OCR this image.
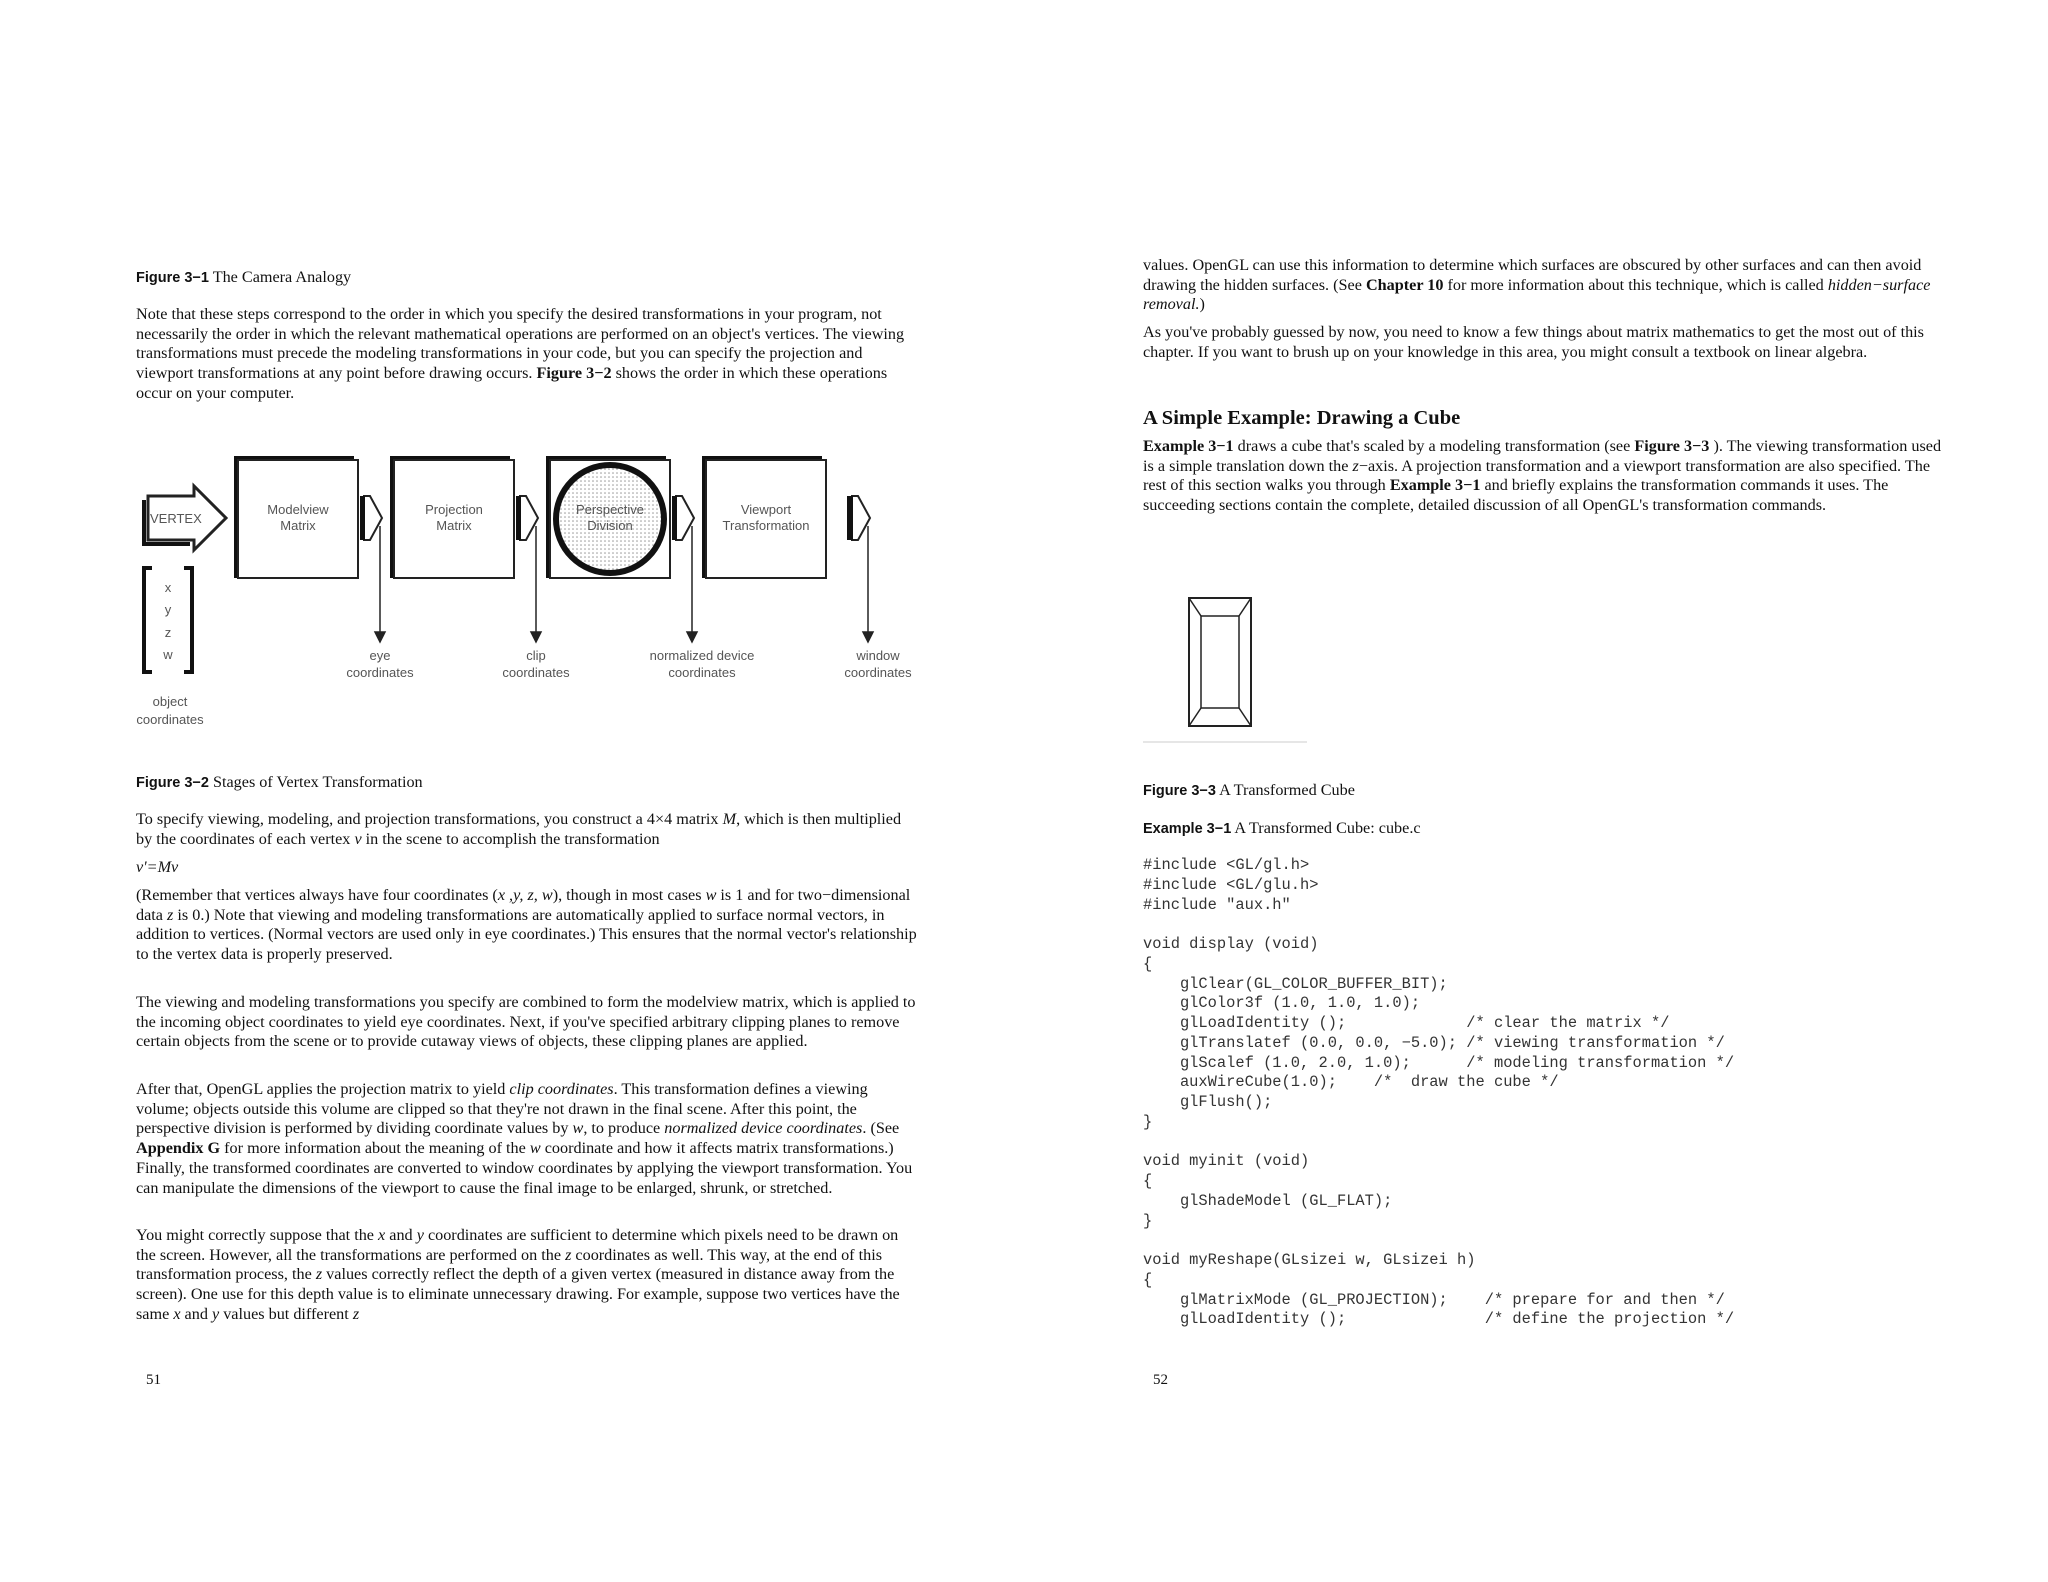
Figure 3−1 The Camera Analogy

Note that these steps correspond to the order in which you specify the desired transformations in your program, not necessarily the order in which the relevant mathematical operations are performed on an object's vertices. The viewing transformations must precede the modeling transformations in your code, but you can specify the projection and viewport transformations at any point before drawing occurs. Figure 3−2 shows the order in which these operations occur on your computer.

VERTEX
x
y
z
w
object
coordinates
Modelview
Matrix
Projection
Matrix
Perspective
Division
Viewport
Transformation
eye
coordinates
clip
coordinates
normalized device
coordinates
window
coordinates
Figure 3−2 Stages of Vertex Transformation

To specify viewing, modeling, and projection transformations, you construct a 4×4 matrix M, which is then multiplied by the coordinates of each vertex v in the scene to accomplish the transformation

v'=Mv

(Remember that vertices always have four coordinates (x ,y, z, w), though in most cases w is 1 and for two−dimensional data z is 0.) Note that viewing and modeling transformations are automatically applied to surface normal vectors, in addition to vertices. (Normal vectors are used only in eye coordinates.) This ensures that the normal vector's relationship to the vertex data is properly preserved.

The viewing and modeling transformations you specify are combined to form the modelview matrix, which is applied to the incoming object coordinates to yield eye coordinates. Next, if you've specified arbitrary clipping planes to remove certain objects from the scene or to provide cutaway views of objects, these clipping planes are applied.

After that, OpenGL applies the projection matrix to yield clip coordinates. This transformation defines a viewing volume; objects outside this volume are clipped so that they're not drawn in the final scene. After this point, the perspective division is performed by dividing coordinate values by w, to produce normalized device coordinates. (See Appendix G for more information about the meaning of the w coordinate and how it affects matrix transformations.) Finally, the transformed coordinates are converted to window coordinates by applying the viewport transformation. You can manipulate the dimensions of the viewport to cause the final image to be enlarged, shrunk, or stretched.

You might correctly suppose that the x and y coordinates are sufficient to determine which pixels need to be drawn on the screen. However, all the transformations are performed on the z coordinates as well. This way, at the end of this transformation process, the z values correctly reflect the depth of a given vertex (measured in distance away from the screen). One use for this depth value is to eliminate unnecessary drawing. For example, suppose two vertices have the same x and y values but different z

51

values. OpenGL can use this information to determine which surfaces are obscured by other surfaces and can then avoid drawing the hidden surfaces. (See Chapter 10 for more information about this technique, which is called hidden−surface removal.)

As you've probably guessed by now, you need to know a few things about matrix mathematics to get the most out of this chapter. If you want to brush up on your knowledge in this area, you might consult a textbook on linear algebra.

A Simple Example: Drawing a Cube

Example 3−1 draws a cube that's scaled by a modeling transformation (see Figure 3−3 ). The viewing transformation used is a simple translation down the z−axis. A projection transformation and a viewport transformation are also specified. The rest of this section walks you through Example 3−1 and briefly explains the transformation commands it uses. The succeeding sections contain the complete, detailed discussion of all OpenGL's transformation commands.

Figure 3−3 A Transformed Cube
Example 3−1 A Transformed Cube: cube.c
#include <GL/gl.h>
#include <GL/glu.h>
#include "aux.h"

void display (void)
{
glClear(GL_COLOR_BUFFER_BIT);
glColor3f (1.0, 1.0, 1.0);
glLoadIdentity ();             /* clear the matrix */
glTranslatef (0.0, 0.0, −5.0); /* viewing transformation */
glScalef (1.0, 2.0, 1.0);      /* modeling transformation */
auxWireCube(1.0);    /*  draw the cube */
glFlush();
}

void myinit (void)
{
glShadeModel (GL_FLAT);
}

void myReshape(GLsizei w, GLsizei h)
{
glMatrixMode (GL_PROJECTION);    /* prepare for and then */
glLoadIdentity ();               /* define the projection */
52
